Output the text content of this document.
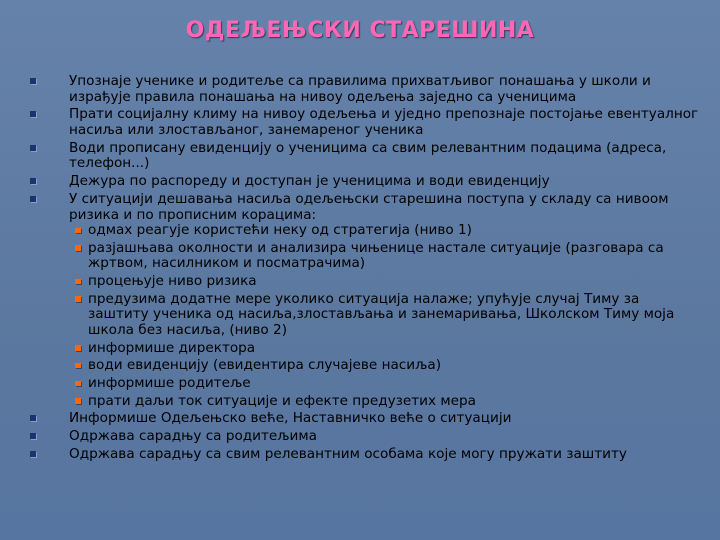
ОДЕЉЕЊСКИ СТАРЕШИНА
Упознаје ученике и родитеље са правилима прихватљивог понашања у школи и израђује правила понашања на нивоу одељења заједно са ученицима
Прати социјалну климу на нивоу одељења и уједно препознаје постојање евентуалног насиља или злостављаног, занемареног ученика
Води прописану евиденцију о ученицима са свим релевантним подацима (адреса, телефон...)
Дежура по распореду и доступан је ученицима и води евиденцију
У ситуацији дешавања насиља одељењски старешина поступа у складу са нивоом ризика и по прописним корацима:
одмах реагује користећи неку од стратегија (ниво 1)
разјашњава околности и анализира чињенице настале ситуације (разговара са жртвом, насилником и посматрачима)
процењује ниво ризика
предузима додатне мере уколико ситуација налаже; упућује случај Тиму за заштиту ученика од насиља,злостављања и занемаривања, Школском Тиму моја школа без насиља, (ниво 2)
информише директора
води евиденцију (евидентира случајеве насиља)
информише родитеље
прати даљи ток ситуације и ефекте предузетих мера
Информише Одељењско веће, Наставничко веће о ситуацији
Одржава сарадњу са родитељима
Одржава сарадњу са свим релевантним особама које могу пружати заштиту
